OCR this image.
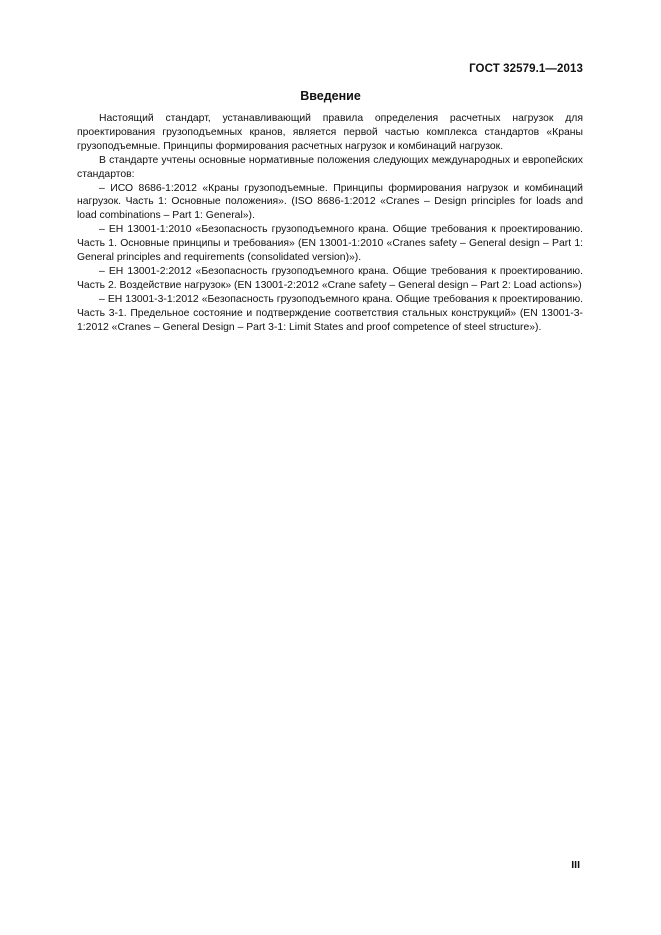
ГОСТ 32579.1—2013
Введение

Настоящий стандарт, устанавливающий правила определения расчетных нагрузок для проектирования грузоподъемных кранов, является первой частью комплекса стандартов «Краны грузоподъемные. Принципы формирования расчетных нагрузок и комбинаций нагрузок.

В стандарте учтены основные нормативные положения следующих международных и европейских стандартов:

– ИСО 8686-1:2012 «Краны грузоподъемные. Принципы формирования нагрузок и комбинаций нагрузок. Часть 1: Основные положения». (ISO 8686-1:2012 «Cranes – Design principles for loads and load combinations – Part 1: General»).

– ЕН 13001-1:2010 «Безопасность грузоподъемного крана. Общие требования к проектированию. Часть 1. Основные принципы и требования» (EN 13001-1:2010 «Cranes safety – General design – Part 1: General principles and requirements (consolidated version)»).

– ЕН 13001-2:2012 «Безопасность грузоподъемного крана. Общие требования к проектированию. Часть 2. Воздействие нагрузок» (EN 13001-2:2012 «Crane safety – General design – Part 2: Load actions»)

– ЕН 13001-3-1:2012 «Безопасность грузоподъемного крана. Общие требования к проектированию. Часть 3-1. Предельное состояние и подтверждение соответствия стальных конструкций» (EN 13001-3-1:2012 «Cranes – General Design – Part 3-1: Limit States and proof competence of steel structure»).

III
